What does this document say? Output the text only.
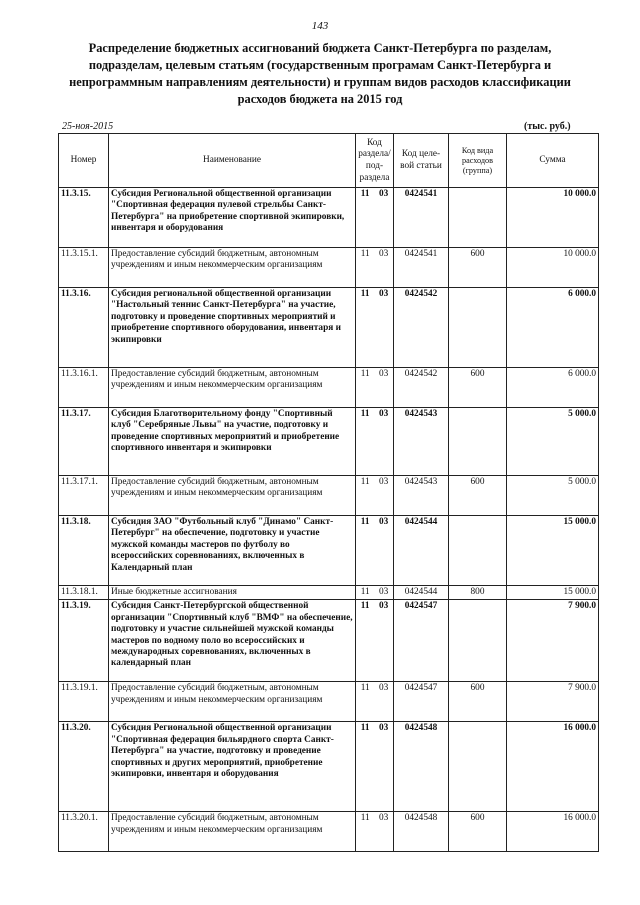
143
Распределение бюджетных ассигнований бюджета Санкт-Петербурга по разделам,
подразделам, целевым статьям (государственным програмам Санкт-Петербурга и
непрограммным направлениям деятельности) и группам видов расходов классификации
расходов бюджета на 2015 год
25-ноя-2015	(тыс. руб.)
Номер	Наименование	Код раздела/ под- раздела	Код целе- вой статьи	Код вида расходов (группа)	Сумма
11.3.15.	Субсидия Региональной общественной организации "Спортивная федерация пулевой стрельбы Санкт-Петербурга" на приобретение спортивной экипировки, инвентаря и оборудования	11 03	0424541		10 000.0
11.3.15.1.	Предоставление субсидий бюджетным, автономным учреждениям и иным некоммерческим организациям	11 03	0424541	600	10 000.0
11.3.16.	Субсидия региональной общественной организации "Настольный теннис Санкт-Петербурга" на участие, подготовку и проведение спортивных мероприятий и приобретение спортивного оборудования, инвентаря и экипировки	11 03	0424542		6 000.0
11.3.16.1.	Предоставление субсидий бюджетным, автономным учреждениям и иным некоммерческим организациям	11 03	0424542	600	6 000.0
11.3.17.	Субсидия Благотворительному фонду "Спортивный клуб "Серебряные Львы" на участие, подготовку и проведение спортивных мероприятий и приобретение спортивного инвентаря и экипировки	11 03	0424543		5 000.0
11.3.17.1.	Предоставление субсидий бюджетным, автономным учреждениям и иным некоммерческим организациям	11 03	0424543	600	5 000.0
11.3.18.	Субсидия ЗАО "Футбольный клуб "Динамо" Санкт-Петербург" на обеспечение, подготовку и участие мужской команды мастеров по футболу во всероссийских соревнованиях, включенных в Календарный план	11 03	0424544		15 000.0
11.3.18.1.	Иные бюджетные ассигнования	11 03	0424544	800	15 000.0
11.3.19.	Субсидия Санкт-Петербургской общественной организации "Спортивный клуб "ВМФ" на обеспечение, подготовку и участие сильнейшей мужской команды мастеров по водному поло во всероссийских и международных соревнованиях, включенных в календарный план	11 03	0424547		7 900.0
11.3.19.1.	Предоставление субсидий бюджетным, автономным учреждениям и иным некоммерческим организациям	11 03	0424547	600	7 900.0
11.3.20.	Субсидия Региональной общественной организации "Спортивная федерация бильярдного спорта Санкт-Петербурга" на участие, подготовку и проведение спортивных и других мероприятий, приобретение экипировки, инвентаря и оборудования	11 03	0424548		16 000.0
11.3.20.1.	Предоставление субсидий бюджетным, автономным учреждениям и иным некоммерческим организациям	11 03	0424548	600	16 000.0
